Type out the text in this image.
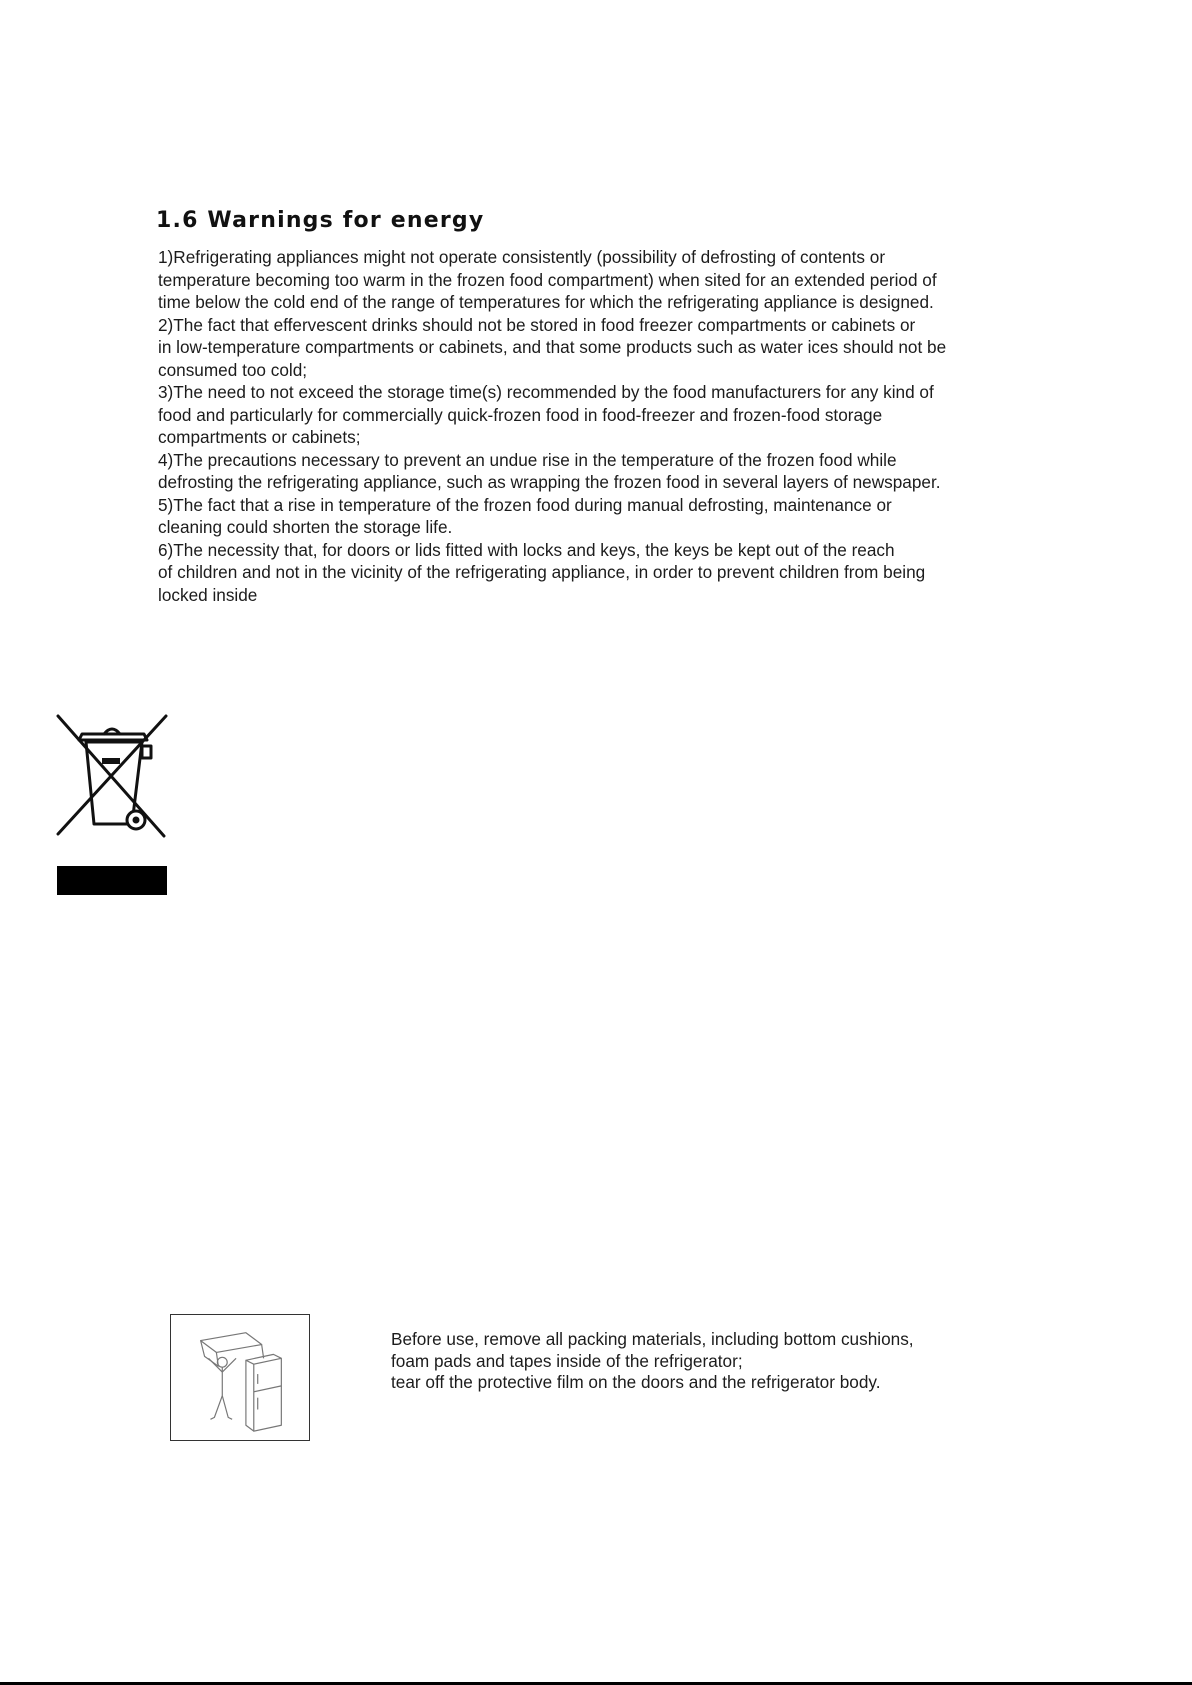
1.6 Warnings for energy
1)Refrigerating appliances might not operate consistently (possibility of defrosting of contents or
temperature becoming too warm in the frozen food compartment) when sited for an extended period of
time below the cold end of the range of temperatures for which the refrigerating appliance is designed.
2)The fact that effervescent drinks should not be stored in food freezer compartments or cabinets or
in low-temperature compartments or cabinets, and that some products such as water ices should not be
consumed too cold;
3)The need to not exceed the storage time(s) recommended by the food manufacturers for any kind of
food and particularly for commercially quick-frozen food in food-freezer and frozen-food storage
compartments or cabinets;
4)The precautions necessary to prevent an undue rise in the temperature of the frozen food while
defrosting the refrigerating appliance, such as wrapping the frozen food in several layers of newspaper.
5)The fact that a rise in temperature of the frozen food during manual defrosting, maintenance or
cleaning could shorten the storage life.
6)The necessity that, for doors or lids fitted with locks and keys, the keys be kept out of the reach
of children and not in the vicinity of the refrigerating appliance, in order to prevent children from being
locked inside
Before use, remove all packing materials, including bottom cushions,
foam pads and tapes inside of the refrigerator;
tear off the protective film on the doors and the refrigerator body.
